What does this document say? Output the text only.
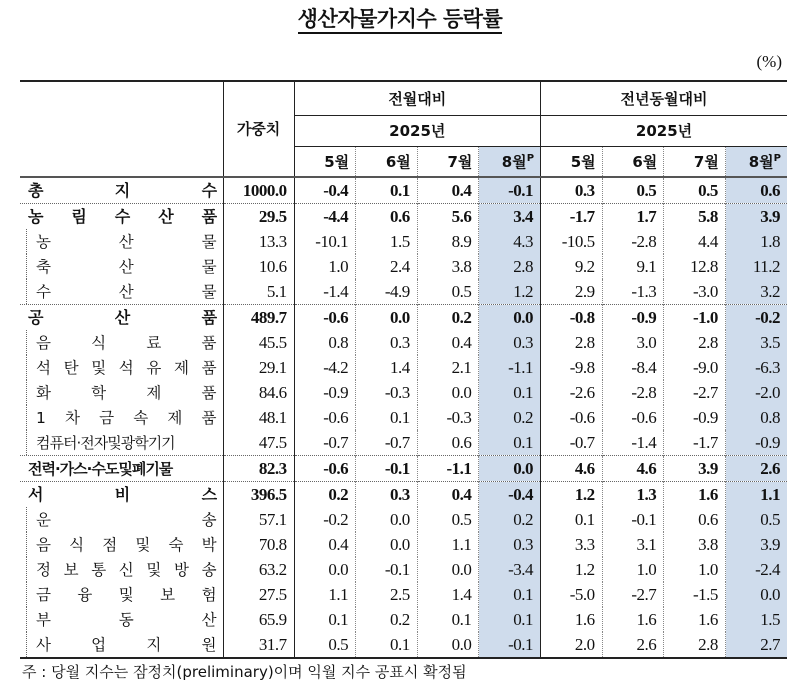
생산자물가지수 등락률
(%)
	가중치	전월대비				전년동월대비			
		2025년				2025년			
		5월	6월	7월	8월$^P$	5월	6월	7월	8월$^P$

총 지 수	1000.0	-0.4	0.1	0.4	-0.1	0.3	0.5	0.5	0.6

농 림 수 산 품	29.5	-4.4	0.6	5.6	3.4	-1.7	1.7	5.8	3.9

농 산 물	13.3	-10.1	1.5	8.9	4.3	-10.5	-2.8	4.4	1.8

축 산 물	10.6	1.0	2.4	3.8	2.8	9.2	9.1	12.8	11.2

수 산 물	5.1	-1.4	-4.9	0.5	1.2	2.9	-1.3	-3.0	3.2

공 산 품	489.7	-0.6	0.0	0.2	0.0	-0.8	-0.9	-1.0	-0.2

음 식 료 품	45.5	0.8	0.3	0.4	0.3	2.8	3.0	2.8	3.5

석 탄 및 석 유 제 품	29.1	-4.2	1.4	2.1	-1.1	-9.8	-8.4	-9.0	-6.3

화 학 제 품	84.6	-0.9	-0.3	0.0	0.1	-2.6	-2.8	-2.7	-2.0

1 차 금 속 제 품	48.1	-0.6	0.1	-0.3	0.2	-0.6	-0.6	-0.9	0.8

컴퓨터·전자및광학기기	47.5	-0.7	-0.7	0.6	0.1	-0.7	-1.4	-1.7	-0.9

전력·가스·수도및폐기물	82.3	-0.6	-0.1	-1.1	0.0	4.6	4.6	3.9	2.6

서 비 스	396.5	0.2	0.3	0.4	-0.4	1.2	1.3	1.6	1.1

운 송	57.1	-0.2	0.0	0.5	0.2	0.1	-0.1	0.6	0.5

음 식 점 및 숙 박	70.8	0.4	0.0	1.1	0.3	3.3	3.1	3.8	3.9

정 보 통 신 및 방 송	63.2	0.0	-0.1	0.0	-3.4	1.2	1.0	1.0	-2.4

금 융 및 보 험	27.5	1.1	2.5	1.4	0.1	-5.0	-2.7	-1.5	0.0

부 동 산	65.9	0.1	0.2	0.1	0.1	1.6	1.6	1.6	1.5

사 업 지 원	31.7	0.5	0.1	0.0	-0.1	2.0	2.6	2.8	2.7
주 : 당월 지수는 잠정치(preliminary)이며 익월 지수 공표시 확정됨
